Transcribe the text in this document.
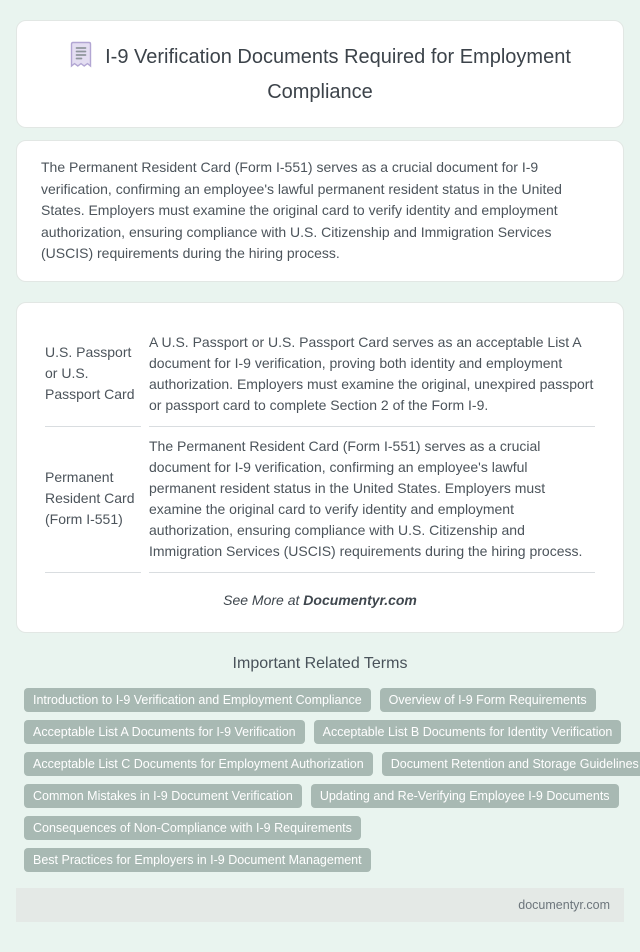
I-9 Verification Documents Required for Employment Compliance

The Permanent Resident Card (Form I-551) serves as a crucial document for I-9 verification, confirming an employee's lawful permanent resident status in the United States. Employers must examine the original card to verify identity and employment authorization, ensuring compliance with U.S. Citizenship and Immigration Services (USCIS) requirements during the hiring process.

U.S. Passport or U.S. Passport Card	A U.S. Passport or U.S. Passport Card serves as an acceptable List A document for I-9 verification, proving both identity and employment authorization. Employers must examine the original, unexpired passport or passport card to complete Section 2 of the Form I-9.
Permanent Resident Card (Form I-551)	The Permanent Resident Card (Form I-551) serves as a crucial document for I-9 verification, confirming an employee's lawful permanent resident status in the United States. Employers must examine the original card to verify identity and employment authorization, ensuring compliance with U.S. Citizenship and Immigration Services (USCIS) requirements during the hiring process.
See More at Documentyr.com
Important Related Terms
Introduction to I-9 Verification and Employment Compliance Overview of I-9 Form Requirements
Acceptable List A Documents for I-9 Verification Acceptable List B Documents for Identity Verification
Acceptable List C Documents for Employment Authorization Document Retention and Storage Guidelines
Common Mistakes in I-9 Document Verification Updating and Re-Verifying Employee I-9 Documents
Consequences of Non-Compliance with I-9 Requirements
Best Practices for Employers in I-9 Document Management
documentyr.com
